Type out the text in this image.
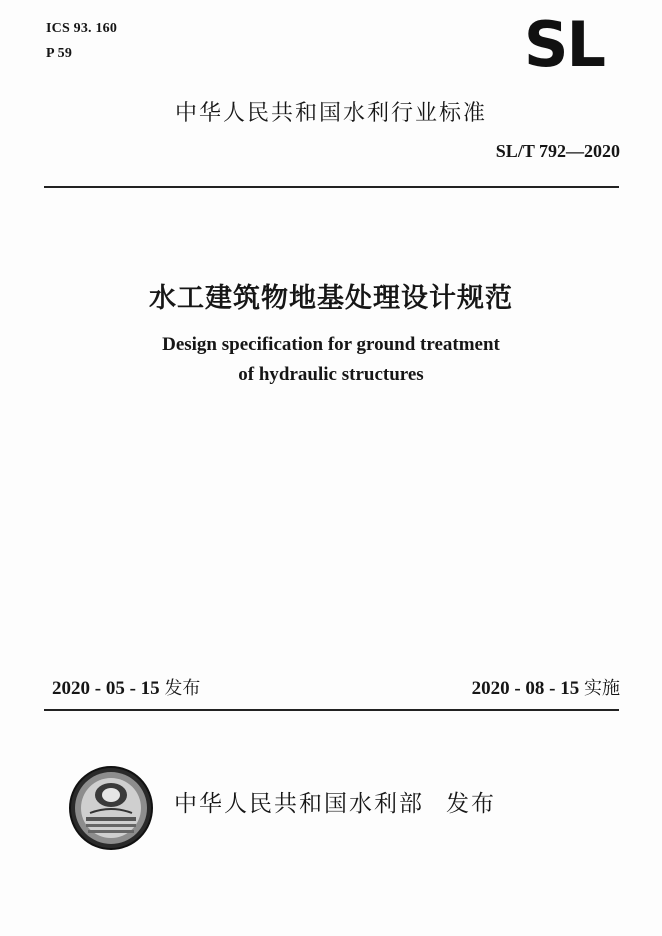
ICS 93. 160
P 59	SL
中华人民共和国水利行业标准
SL/T 792—2020
水工建筑物地基处理设计规范
Design specification for ground treatment
of hydraulic structures
2020 - 05 - 15 发布	2020 - 08 - 15 实施
中华人民共和国水利部 发布
